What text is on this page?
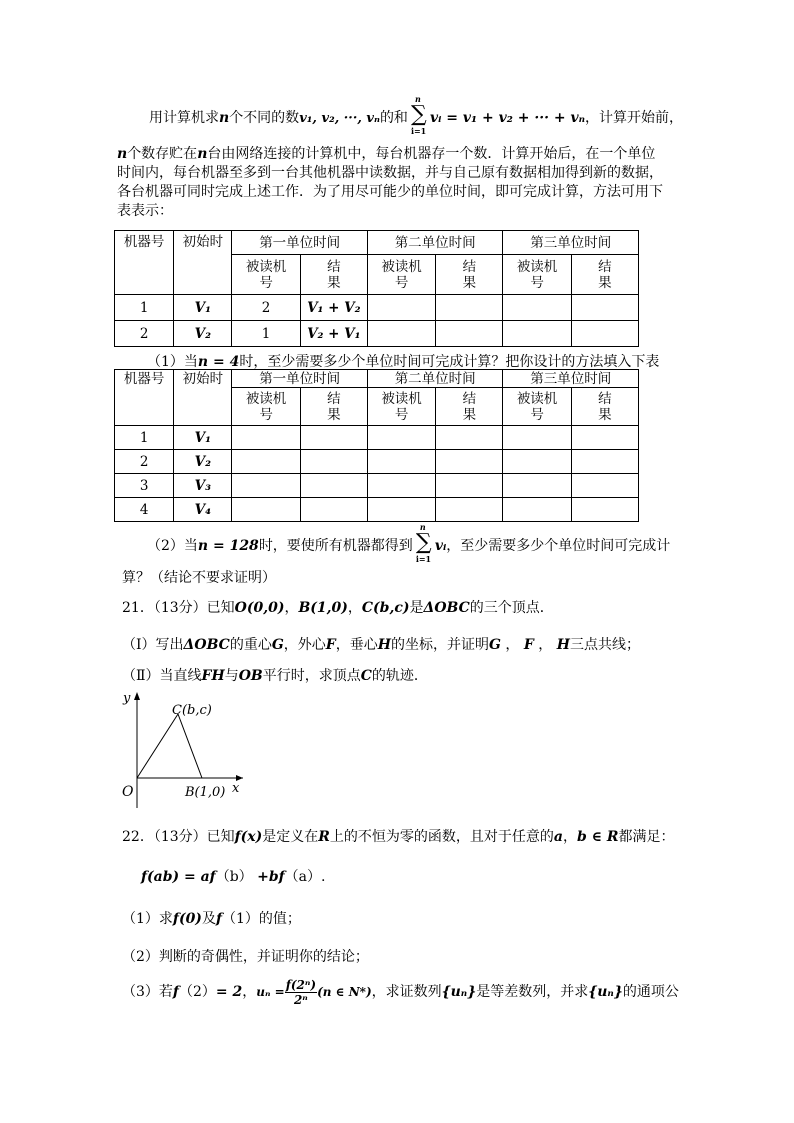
用计算机求n个不同的数v₁, v₂, ···, vₙ的和 ∑
n
i=1
vᵢ = v₁ + v₂ + ··· + vₙ，计算开始前，
n个数存贮在n台由网络连接的计算机中，每台机器存一个数．计算开始后，在一个单位
时间内，每台机器至多到一台其他机器中读数据，并与自己原有数据相加得到新的数据，
各台机器可同时完成上述工作．为了用尽可能少的单位时间，即可完成计算，方法可用下
表表示：
机器号	初始时	第一单位时间		第二单位时间		第三单位时间	
		被读机号	结果	被读机号	结果	被读机号	结果
1	V₁	2	V₁ + V₂				
2	V₂	1	V₂ + V₁				
（1）当n = 4时，至少需要多少个单位时间可完成计算？把你设计的方法填入下表
机器号	初始时	第一单位时间		第二单位时间		第三单位时间	
		被读机号	结果	被读机号	结果	被读机号	结果
1	V₁						
2	V₂						
3	V₃						
4	V₄						
（2）当n = 128时，要使所有机器都得到 ∑
n
i=1
vᵢ，至少需要多少个单位时间可完成计
算？（结论不要求证明）
21．（13分）已知O(0,0)，B(1,0)，C(b,c)是ΔOBC的三个顶点．
（Ⅰ）写出ΔOBC的重心G，外心F，垂心H的坐标，并证明G ， F ， H三点共线；
（Ⅱ）当直线FH与OB平行时，求顶点C的轨迹．
y
x
O
C(b,c)
B(1,0)
22．（13分）已知f(x)是定义在R上的不恒为零的函数，且对于任意的a，b ∈ R都满足：
f(ab) = af（b） +bf（a）.
（1）求f(0)及f（1）的值；
（2）判断的奇偶性，并证明你的结论；
（3）若f（2）= 2，$u_n = \frac{\text{f(2ⁿ)}}{\text{2ⁿ}} (n$ ∈ N*)，求证数列{uₙ}是等差数列，并求{uₙ}的通项公
